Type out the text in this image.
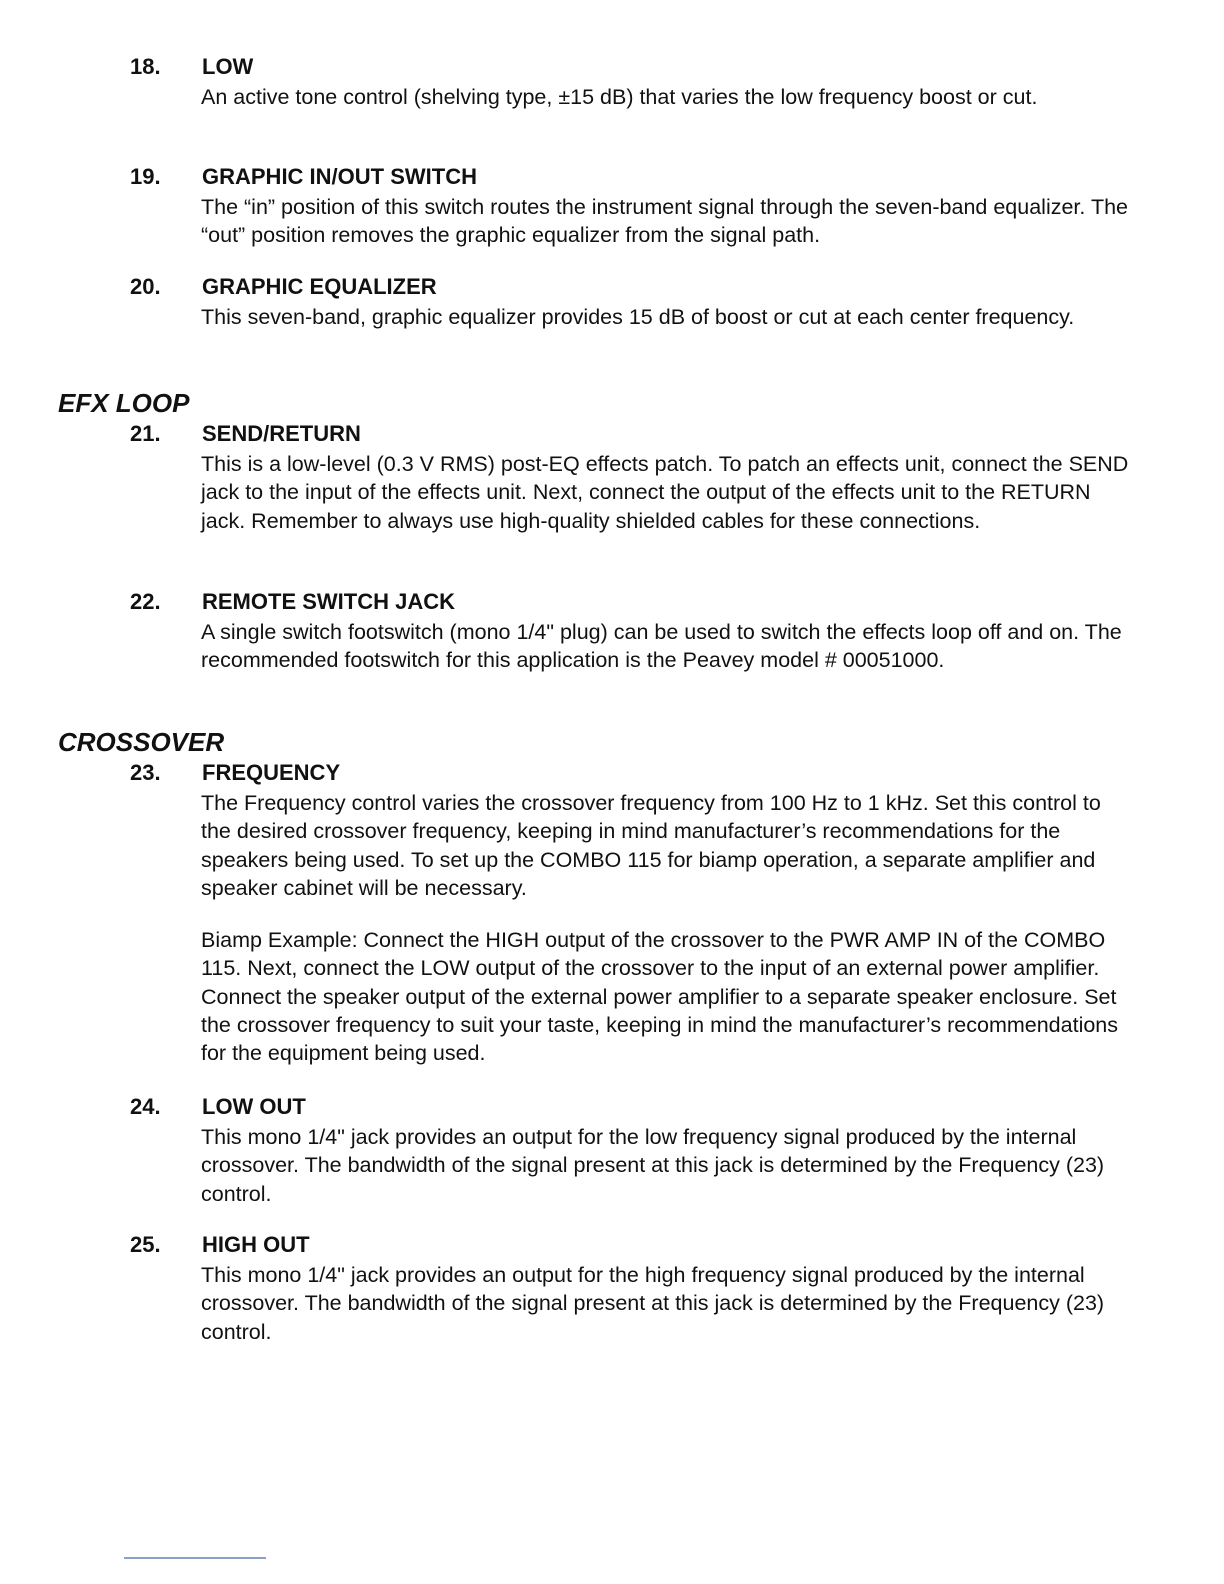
18. LOW
An active tone control (shelving type, ±15 dB) that varies the low frequency boost or cut.
19. GRAPHIC IN/OUT SWITCH
The “in” position of this switch routes the instrument signal through the seven-band equalizer. The “out” position removes the graphic equalizer from the signal path.
20. GRAPHIC EQUALIZER
This seven-band, graphic equalizer provides 15 dB of boost or cut at each center frequency.
EFX LOOP
21. SEND/RETURN
This is a low-level (0.3 V RMS) post-EQ effects patch. To patch an effects unit, connect the SEND jack to the input of the effects unit. Next, connect the output of the effects unit to the RETURN jack. Remember to always use high-quality shielded cables for these connections.
22. REMOTE SWITCH JACK
A single switch footswitch (mono 1/4" plug) can be used to switch the effects loop off and on. The recommended footswitch for this application is the Peavey model # 00051000.
CROSSOVER
23. FREQUENCY
The Frequency control varies the crossover frequency from 100 Hz to 1 kHz. Set this control to the desired crossover frequency, keeping in mind manufacturer’s recommendations for the speakers being used. To set up the COMBO 115 for biamp operation, a separate amplifier and speaker cabinet will be necessary.
Biamp Example: Connect the HIGH output of the crossover to the PWR AMP IN of the COMBO 115. Next, connect the LOW output of the crossover to the input of an external power amplifier. Connect the speaker output of the external power amplifier to a separate speaker enclosure. Set the crossover frequency to suit your taste, keeping in mind the manufacturer’s recommendations for the equipment being used.
24. LOW OUT
This mono 1/4" jack provides an output for the low frequency signal produced by the internal crossover. The bandwidth of the signal present at this jack is determined by the Frequency (23) control.
25. HIGH OUT
This mono 1/4" jack provides an output for the high frequency signal produced by the internal crossover. The bandwidth of the signal present at this jack is determined by the Frequency (23) control.
